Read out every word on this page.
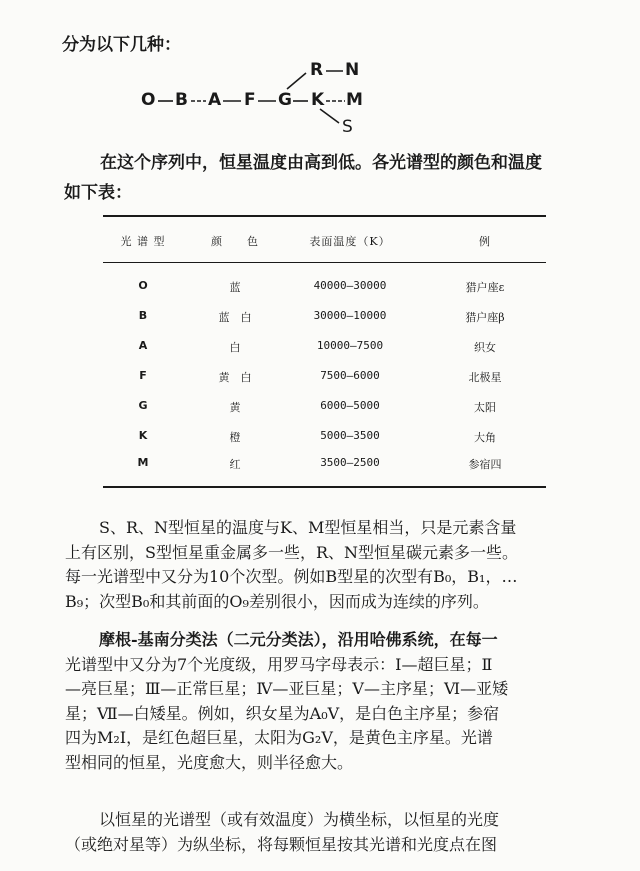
分为以下几种：
O B A F G K M
R N
S
在这个序列中，恒星温度由高到低。各光谱型的颜色和温度
如下表：
光 谱 型	颜　　色	表面温度（K）	例
O	蓝	40000—30000	猎户座ε
B	蓝　白	30000—10000	猎户座β
A	白	10000—7500	织女
F	黄　白	7500—6000	北极星
G	黄	6000—5000	太阳
K	橙	5000—3500	大角
M	红	3500—2500	参宿四
S、R、N型恒星的温度与K、M型恒星相当，只是元素含量
上有区别，S型恒星重金属多一些，R、N型恒星碳元素多一些。
每一光谱型中又分为10个次型。例如B型星的次型有B₀，B₁，…
B₉；次型B₀和其前面的O₉差别很小，因而成为连续的序列。
摩根-基南分类法（二元分类法），沿用哈佛系统，在每一
光谱型中又分为7个光度级，用罗马字母表示：Ⅰ—超巨星；Ⅱ
—亮巨星；Ⅲ—正常巨星；Ⅳ—亚巨星；Ⅴ—主序星；Ⅵ—亚矮
星；Ⅶ—白矮星。例如，织女星为A₀Ⅴ，是白色主序星；参宿
四为M₂Ⅰ，是红色超巨星，太阳为G₂Ⅴ，是黄色主序星。光谱
型相同的恒星，光度愈大，则半径愈大。
以恒星的光谱型（或有效温度）为横坐标，以恒星的光度
（或绝对星等）为纵坐标，将每颗恒星按其光谱和光度点在图
